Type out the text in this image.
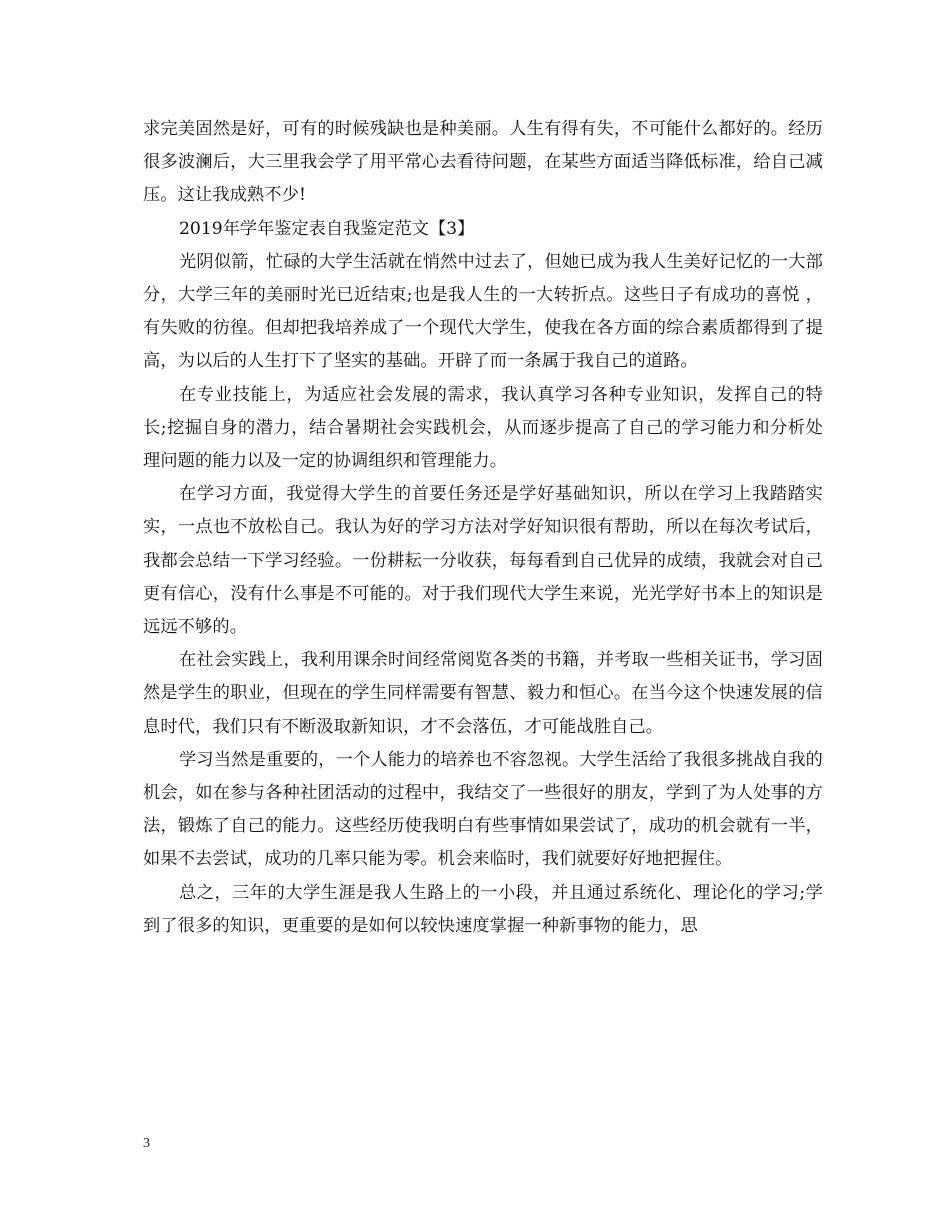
求完美固然是好，可有的时候残缺也是种美丽。人生有得有失，不可能什么都好的。经历很多波澜后，大三里我会学了用平常心去看待问题，在某些方面适当降低标准，给自己减压。这让我成熟不少!

2019年学年鉴定表自我鉴定范文【3】

光阴似箭，忙碌的大学生活就在悄然中过去了，但她已成为我人生美好记忆的一大部分，大学三年的美丽时光已近结束;也是我人生的一大转折点。这些日子有成功的喜悦 ，有失败的彷徨。但却把我培养成了一个现代大学生，使我在各方面的综合素质都得到了提高，为以后的人生打下了坚实的基础。开辟了而一条属于我自己的道路。

在专业技能上，为适应社会发展的需求，我认真学习各种专业知识，发挥自己的特长;挖掘自身的潜力，结合暑期社会实践机会，从而逐步提高了自己的学习能力和分析处理问题的能力以及一定的协调组织和管理能力。

在学习方面，我觉得大学生的首要任务还是学好基础知识，所以在学习上我踏踏实实，一点也不放松自己。我认为好的学习方法对学好知识很有帮助，所以在每次考试后，我都会总结一下学习经验。一份耕耘一分收获，每每看到自己优异的成绩，我就会对自己更有信心，没有什么事是不可能的。对于我们现代大学生来说，光光学好书本上的知识是远远不够的。

在社会实践上，我利用课余时间经常阅览各类的书籍，并考取一些相关证书，学习固然是学生的职业，但现在的学生同样需要有智慧、毅力和恒心。在当今这个快速发展的信息时代，我们只有不断汲取新知识，才不会落伍，才可能战胜自己。

学习当然是重要的，一个人能力的培养也不容忽视。大学生活给了我很多挑战自我的机会，如在参与各种社团活动的过程中，我结交了一些很好的朋友，学到了为人处事的方法，锻炼了自己的能力。这些经历使我明白有些事情如果尝试了，成功的机会就有一半，如果不去尝试，成功的几率只能为零。机会来临时，我们就要好好地把握住。

总之，三年的大学生涯是我人生路上的一小段，并且通过系统化、理论化的学习;学到了很多的知识，更重要的是如何以较快速度掌握一种新事物的能力，思

3
